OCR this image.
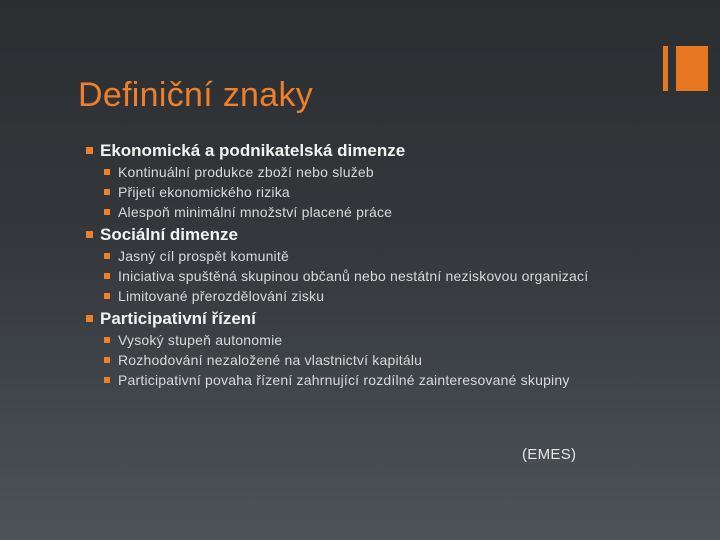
Definiční znaky

Ekonomická a podnikatelská dimenze

Kontinuální produkce zboží nebo služeb
Přijetí ekonomického rizika
Alespoň minimální množství placené práce

Sociální dimenze

Jasný cíl prospět komunitě
Iniciativa spuštěná skupinou občanů nebo nestátní neziskovou organizací
Limitované přerozdělování zisku

Participativní řízení

Vysoký stupeň autonomie
Rozhodování nezaložené na vlastnictví kapitálu
Participativní povaha řízení zahrnující rozdílné zainteresované skupiny
(EMES)
